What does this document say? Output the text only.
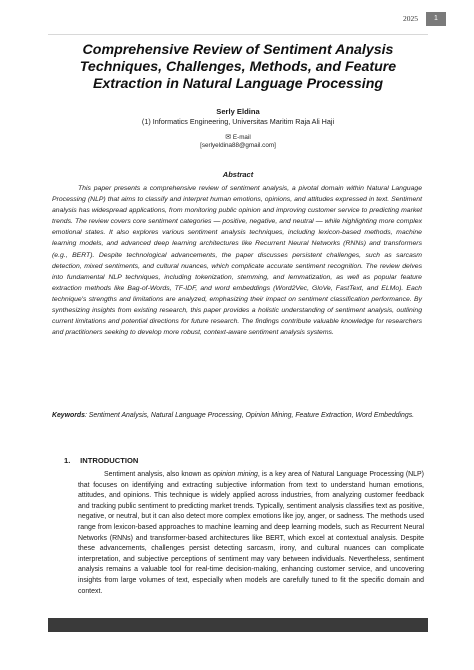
2025	1
Comprehensive Review of Sentiment Analysis Techniques, Challenges, Methods, and Feature Extraction in Natural Language Processing
Serly Eldina
(1) Informatics Engineering, Universitas Maritim Raja Ali Haji
✉ E-mail
[serlyeldina88@gmail.com]
Abstract
This paper presents a comprehensive review of sentiment analysis, a pivotal domain within Natural Language Processing (NLP) that aims to classify and interpret human emotions, opinions, and attitudes expressed in text. Sentiment analysis has widespread applications, from monitoring public opinion and improving customer service to predicting market trends. The review covers core sentiment categories — positive, negative, and neutral — while highlighting more complex emotional states. It also explores various sentiment analysis techniques, including lexicon-based methods, machine learning models, and advanced deep learning architectures like Recurrent Neural Networks (RNNs) and transformers (e.g., BERT). Despite technological advancements, the paper discusses persistent challenges, such as sarcasm detection, mixed sentiments, and cultural nuances, which complicate accurate sentiment recognition. The review delves into fundamental NLP techniques, including tokenization, stemming, and lemmatization, as well as popular feature extraction methods like Bag-of-Words, TF-IDF, and word embeddings (Word2Vec, GloVe, FastText, and ELMo). Each technique's strengths and limitations are analyzed, emphasizing their impact on sentiment classification performance. By synthesizing insights from existing research, this paper provides a holistic understanding of sentiment analysis, outlining current limitations and potential directions for future research. The findings contribute valuable knowledge for researchers and practitioners seeking to develop more robust, context-aware sentiment analysis systems.
Keywords: Sentiment Analysis, Natural Language Processing, Opinion Mining, Feature Extraction, Word Embeddings.
1. INTRODUCTION
Sentiment analysis, also known as opinion mining, is a key area of Natural Language Processing (NLP) that focuses on identifying and extracting subjective information from text to understand human emotions, attitudes, and opinions. This technique is widely applied across industries, from analyzing customer feedback and tracking public sentiment to predicting market trends. Typically, sentiment analysis classifies text as positive, negative, or neutral, but it can also detect more complex emotions like joy, anger, or sadness. The methods used range from lexicon-based approaches to machine learning and deep learning models, such as Recurrent Neural Networks (RNNs) and transformer-based architectures like BERT, which excel at contextual analysis. Despite these advancements, challenges persist detecting sarcasm, irony, and cultural nuances can complicate interpretation, and subjective perceptions of sentiment may vary between individuals. Nevertheless, sentiment analysis remains a valuable tool for real-time decision-making, enhancing customer service, and uncovering insights from large volumes of text, especially when models are carefully tuned to fit the specific domain and context.
